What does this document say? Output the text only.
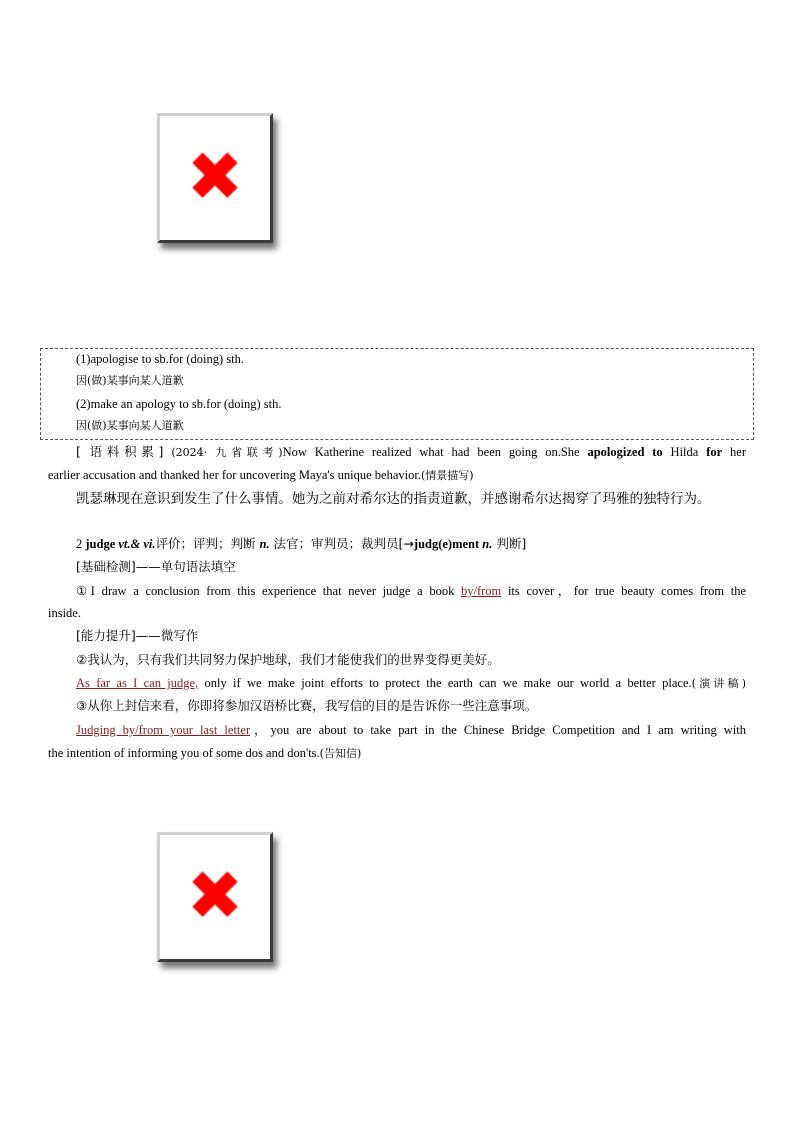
✖
(1)apologise to sb.for (doing) sth.
因(做)某事向某人道歉
(2)make an apology to sb.for (doing) sth.
因(做)某事向某人道歉
[ 语料积累] (2024· 九省联考)Now Katherine realized what had been going on.She apologized to Hilda for her
earlier accusation and thanked her for uncovering Maya's unique behavior.(情景描写)
凯瑟琳现在意识到发生了什么事情。她为之前对希尔达的指责道歉，并感谢希尔达揭穿了玛雅的独特行为。
2 judge vt.& vi.评价；评判；判断 n. 法官；审判员；裁判员[→judg(e)ment n. 判断]
[基础检测]——单句语法填空
①I draw a conclusion from this experience that never judge a book by/from its cover，for true beauty comes from the
inside.
[能力提升]——微写作
②我认为，只有我们共同努力保护地球，我们才能使我们的世界变得更美好。
As far as I can judge, only if we make joint efforts to protect the earth can we make our world a better place.(演讲稿)
③从你上封信来看，你即将参加汉语桥比赛，我写信的目的是告诉你一些注意事项。
Judging by/from your last letter，you are about to take part in the Chinese Bridge Competition and I am writing with
the intention of informing you of some dos and don'ts.(告知信)
✖
